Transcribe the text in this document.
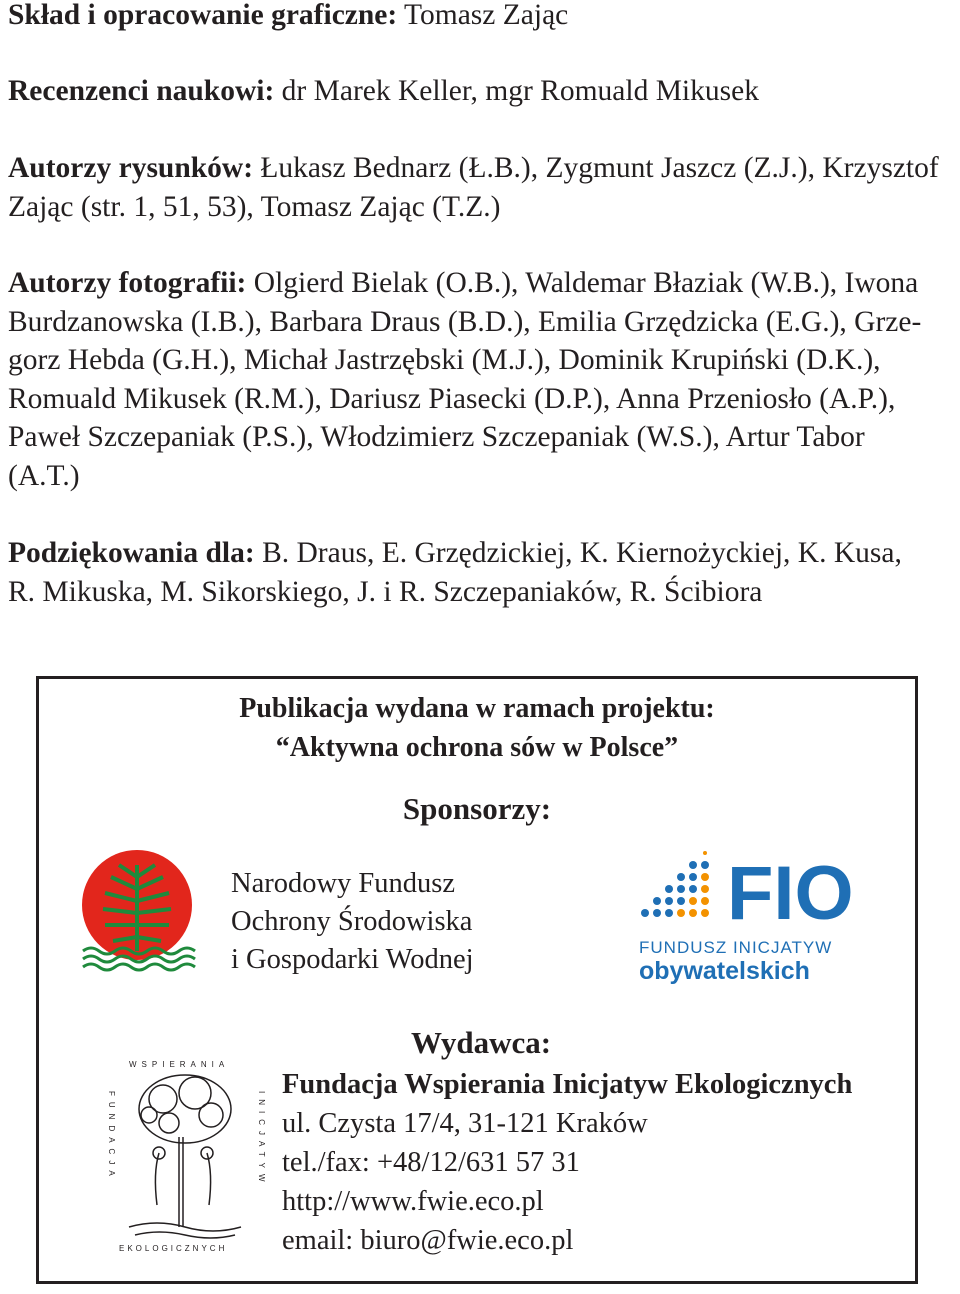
Skład i opracowanie graficzne: Tomasz Zając

Recenzenci naukowi: dr Marek Keller, mgr Romuald Mikusek

Autorzy rysunków: Łukasz Bednarz (Ł.B.), Zygmunt Jaszcz (Z.J.), Krzysztof

Zając (str. 1, 51, 53), Tomasz Zając (T.Z.)

Autorzy fotografii: Olgierd Bielak (O.B.), Waldemar Błaziak (W.B.), Iwona

Burdzanowska (I.B.), Barbara Draus (B.D.), Emilia Grzędzicka (E.G.), Grze-

gorz Hebda (G.H.), Michał Jastrzębski (M.J.), Dominik Krupiński (D.K.),

Romuald Mikusek (R.M.), Dariusz Piasecki (D.P.), Anna Przeniosło (A.P.),

Paweł Szczepaniak (P.S.), Włodzimierz Szczepaniak (W.S.), Artur Tabor

(A.T.)

Podziękowania dla: B. Draus, E. Grzędzickiej, K. Kiernożyckiej, K. Kusa,

R. Mikuska, M. Sikorskiego, J. i R. Szczepaniaków, R. Ścibiora

Publikacja wydana w ramach projektu:
“Aktywna ochrona sów w Polsce”
Sponsorzy:
Narodowy Fundusz
Ochrony Środowiska
i Gospodarki Wodnej
FIO
FUNDUSZ INICJATYW
obywatelskich
Wydawca:
WSPIERANIA
FUNDACJA	INICJATYW
EKOLOGICZNYCH
Fundacja Wspierania Inicjatyw Ekologicznych
ul. Czysta 17/4, 31-121 Kraków
tel./fax: +48/12/631 57 31
http://www.fwie.eco.pl
email: biuro@fwie.eco.pl
